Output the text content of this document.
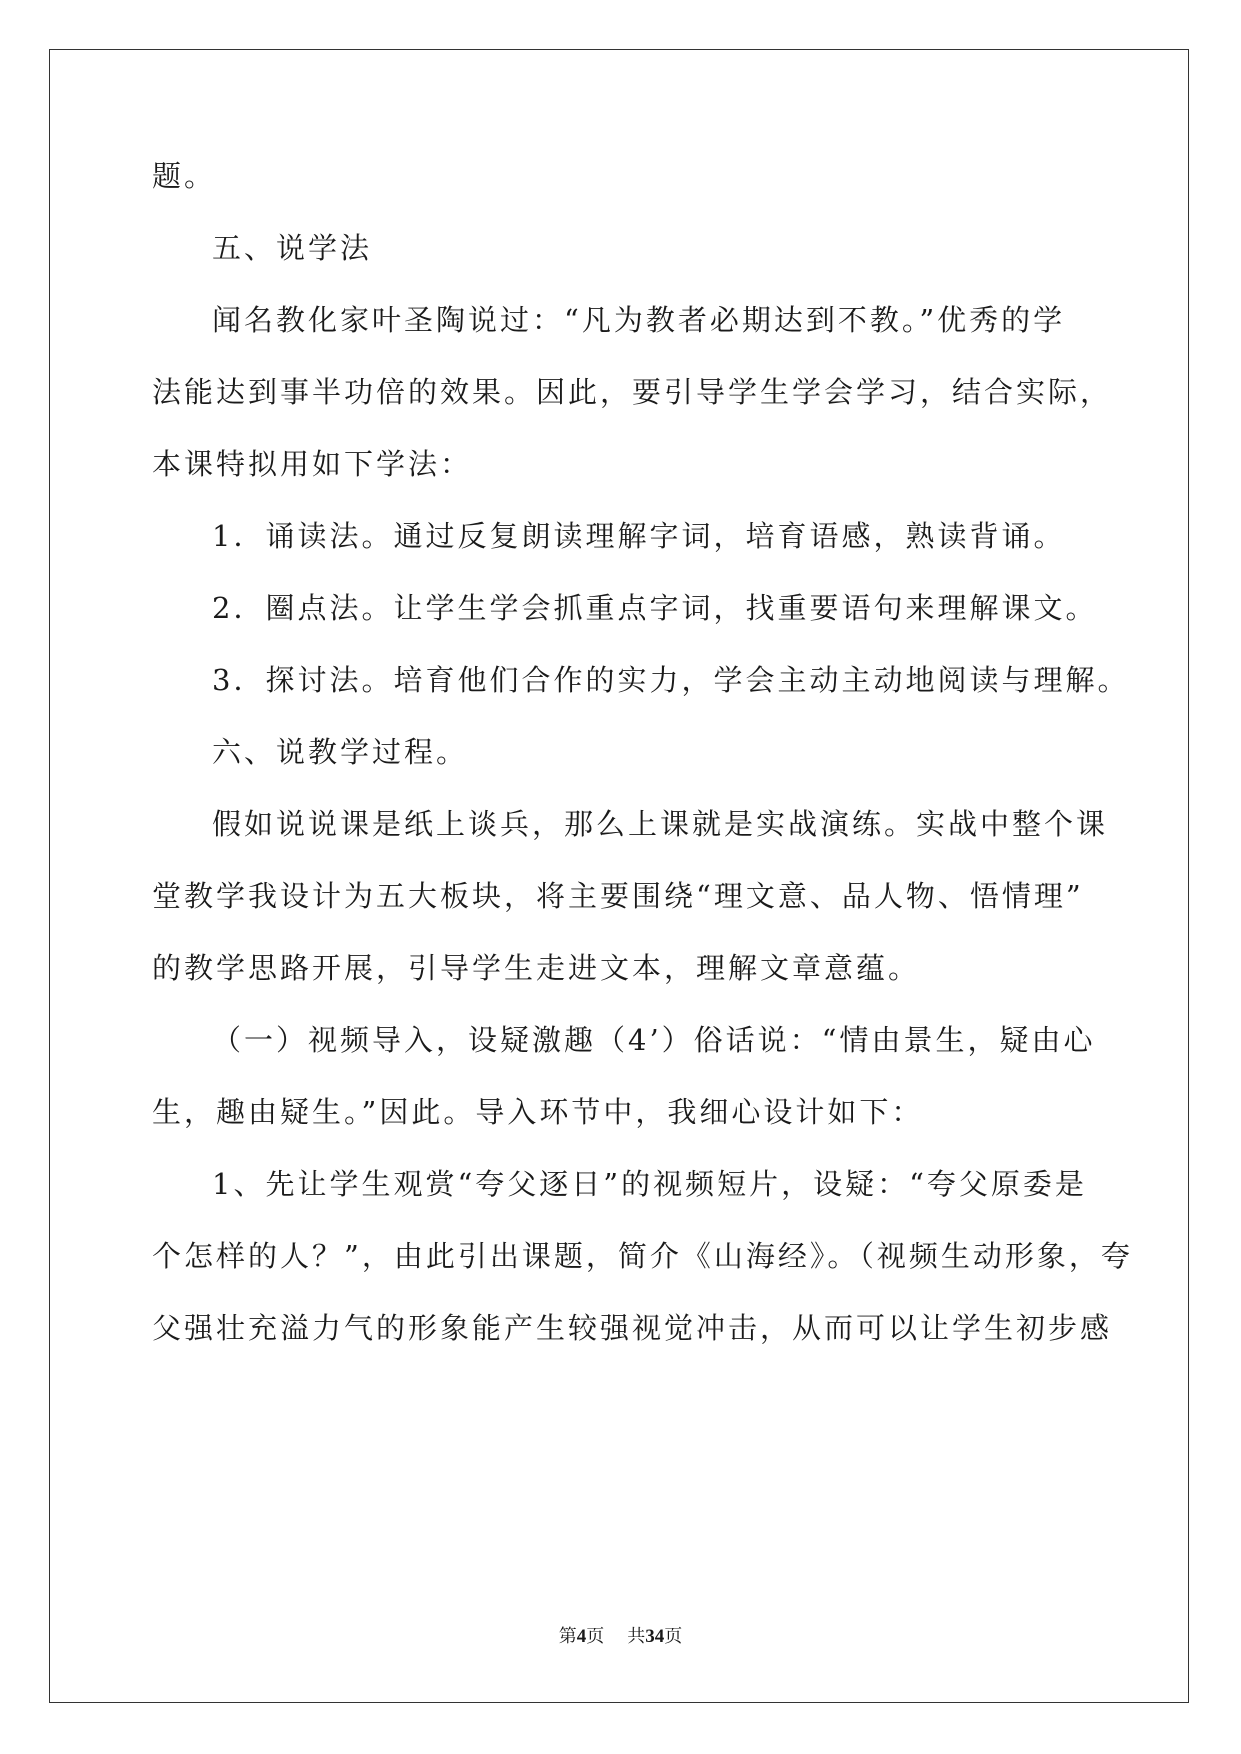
题。
五、说学法
闻名教化家叶圣陶说过：“凡为教者必期达到不教。”优秀的学
法能达到事半功倍的效果。因此，要引导学生学会学习，结合实际，
本课特拟用如下学法：
1．诵读法。通过反复朗读理解字词，培育语感，熟读背诵。
2．圈点法。让学生学会抓重点字词，找重要语句来理解课文。
3．探讨法。培育他们合作的实力，学会主动主动地阅读与理解。
六、说教学过程。
假如说说课是纸上谈兵，那么上课就是实战演练。实战中整个课
堂教学我设计为五大板块，将主要围绕“理文意、品人物、悟情理”
的教学思路开展，引导学生走进文本，理解文章意蕴。
（一）视频导入，设疑激趣（4’）俗话说：“情由景生，疑由心
生，趣由疑生。”因此。导入环节中，我细心设计如下：
1、先让学生观赏“夸父逐日”的视频短片，设疑：“夸父原委是
个怎样的人？”，由此引出课题，简介《山海经》。（视频生动形象，夸
父强壮充溢力气的形象能产生较强视觉冲击，从而可以让学生初步感
第4页 共34页
